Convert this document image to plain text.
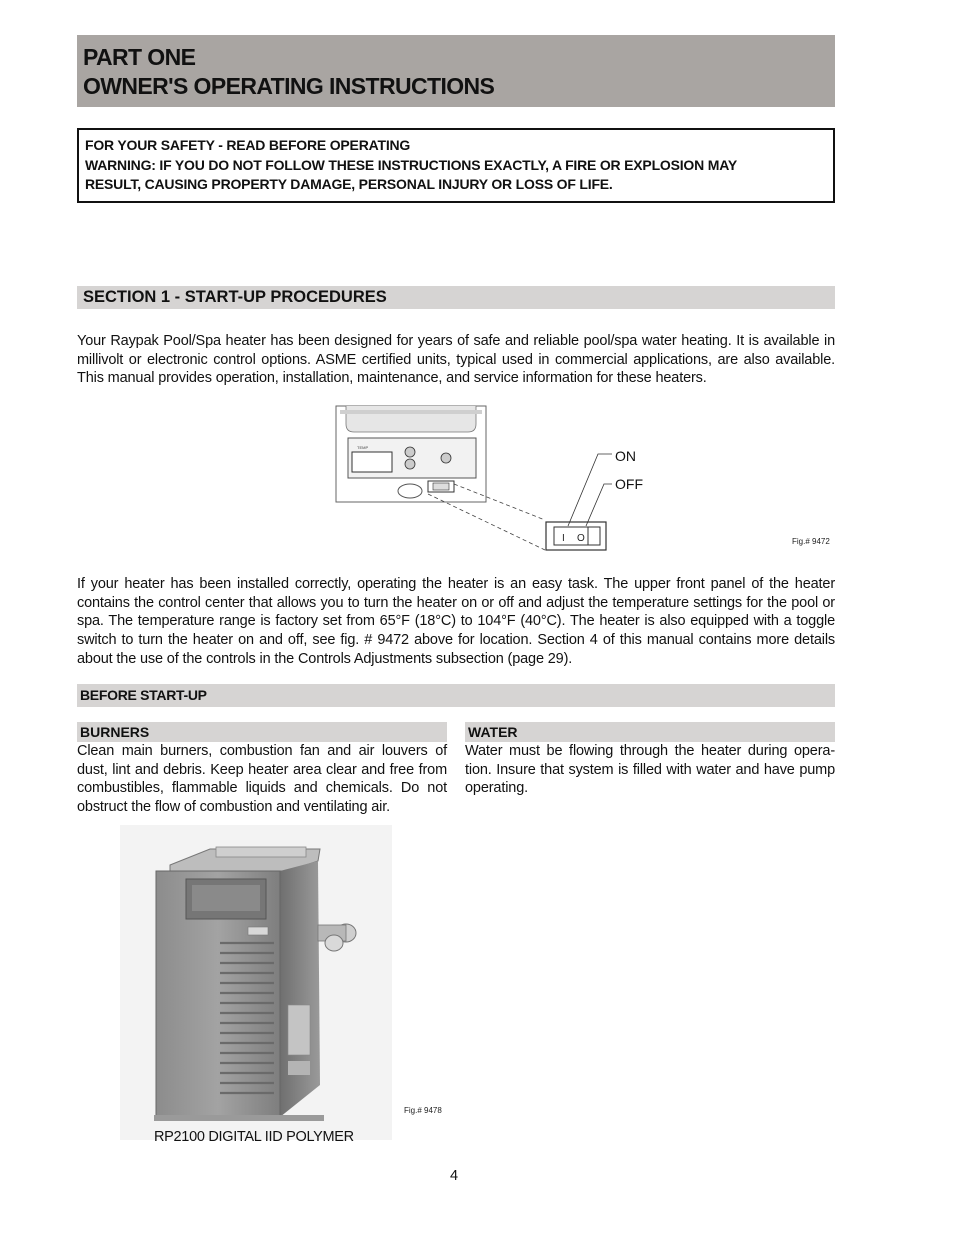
PART ONE
OWNER'S OPERATING INSTRUCTIONS
FOR YOUR SAFETY - READ BEFORE OPERATING
WARNING: IF YOU DO NOT FOLLOW THESE INSTRUCTIONS EXACTLY, A FIRE OR EXPLOSION MAY
RESULT, CAUSING PROPERTY DAMAGE, PERSONAL INJURY OR LOSS OF LIFE.
SECTION 1 - START-UP PROCEDURES
Your Raypak Pool/Spa heater has been designed for years of safe and reliable pool/spa water heating. It is available in millivolt or electronic control options. ASME certified units, typical used in commercial applications, are also available. This manual provides operation, installation, maintenance, and service information for these heaters.
TEMP
I O
ON
OFF
Fig.# 9472
If your heater has been installed correctly, operating the heater is an easy task. The upper front panel of the heater contains the control center that allows you to turn the heater on or off and adjust the temperature settings for the pool or spa. The temperature range is factory set from 65°F (18°C) to 104°F (40°C). The heater is also equipped with a toggle switch to turn the heater on and off, see fig. # 9472 above for location. Section 4 of this manual contains more details about the use of the controls in the Controls Adjustments subsection (page 29).
BEFORE START-UP
BURNERS
Clean main burners, combustion fan and air louvers of dust, lint and debris. Keep heater area clear and free from combustibles, flammable liquids and chemicals. Do not obstruct the flow of combustion and ventilating air.
WATER
Water must be flowing through the heater during opera-tion. Insure that system is filled with water and have pump operating.
Fig.# 9478
RP2100 DIGITAL IID POLYMER
4
